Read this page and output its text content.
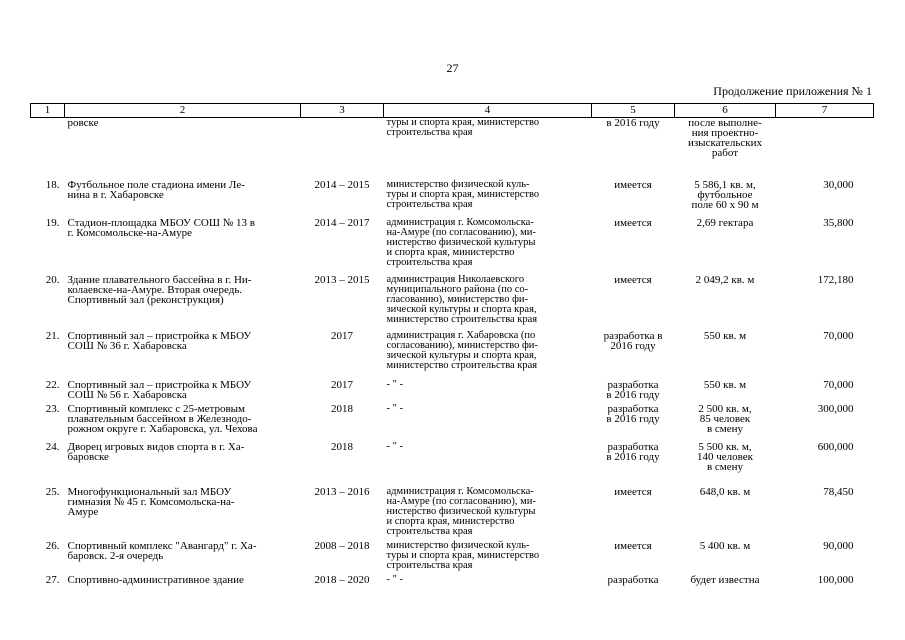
27
Продолжение приложения № 1
1	2	3	4	5	6	7
	ровске		туры и спорта края, министерство
строительства края	в 2016 году	после выполне-
ния проектно-
изыскательских
работ	
18.	Футбольное поле стадиона имени Ле-
нина в г. Хабаровске	2014 – 2015	министерство физической куль-
туры и спорта края, министерство
строительства края	имеется	5 586,1 кв. м,
футбольное
поле 60 х 90 м	30,000
19.	Стадион-площадка МБОУ СОШ № 13 в
г. Комсомольске-на-Амуре	2014 – 2017	администрация г. Комсомольска-
на-Амуре (по согласованию), ми-
нистерство физической культуры
и спорта края, министерство
строительства края	имеется	2,69 гектара	35,800
20.	Здание плавательного бассейна в г. Ни-
колаевске-на-Амуре. Вторая очередь.
Спортивный зал (реконструкция)	2013 – 2015	администрация Николаевского
муниципального района (по со-
гласованию), министерство фи-
зической культуры и спорта края,
министерство строительства края	имеется	2 049,2 кв. м	172,180
21.	Спортивный зал – пристройка к МБОУ
СОШ № 36 г. Хабаровска	2017	администрация г. Хабаровска (по
согласованию), министерство фи-
зической культуры и спорта края,
министерство строительства края	разработка в
2016 году	550 кв. м	70,000
22.	Спортивный зал – пристройка к МБОУ
СОШ № 56 г. Хабаровска	2017	- " -	разработка
в 2016 году	550 кв. м	70,000
23.	Спортивный комплекс с 25-метровым
плавательным бассейном в Железнодо-
рожном округе г. Хабаровска, ул. Чехова	2018	- " -	разработка
в 2016 году	2 500 кв. м,
85 человек
в смену	300,000
24.	Дворец игровых видов спорта в г. Ха-
баровске	2018	- " -	разработка
в 2016 году	5 500 кв. м,
140 человек
в смену	600,000
25.	Многофункциональный зал МБОУ
гимназия № 45 г. Комсомольска-на-
Амуре	2013 – 2016	администрация г. Комсомольска-
на-Амуре (по согласованию), ми-
нистерство физической культуры
и спорта края, министерство
строительства края	имеется	648,0 кв. м	78,450
26.	Спортивный комплекс "Авангард" г. Ха-
баровск. 2-я очередь	2008 – 2018	министерство физической куль-
туры и спорта края, министерство
строительства края	имеется	5 400 кв. м	90,000
27.	Спортивно-административное здание	2018 – 2020	- " -	разработка	будет известна	100,000
